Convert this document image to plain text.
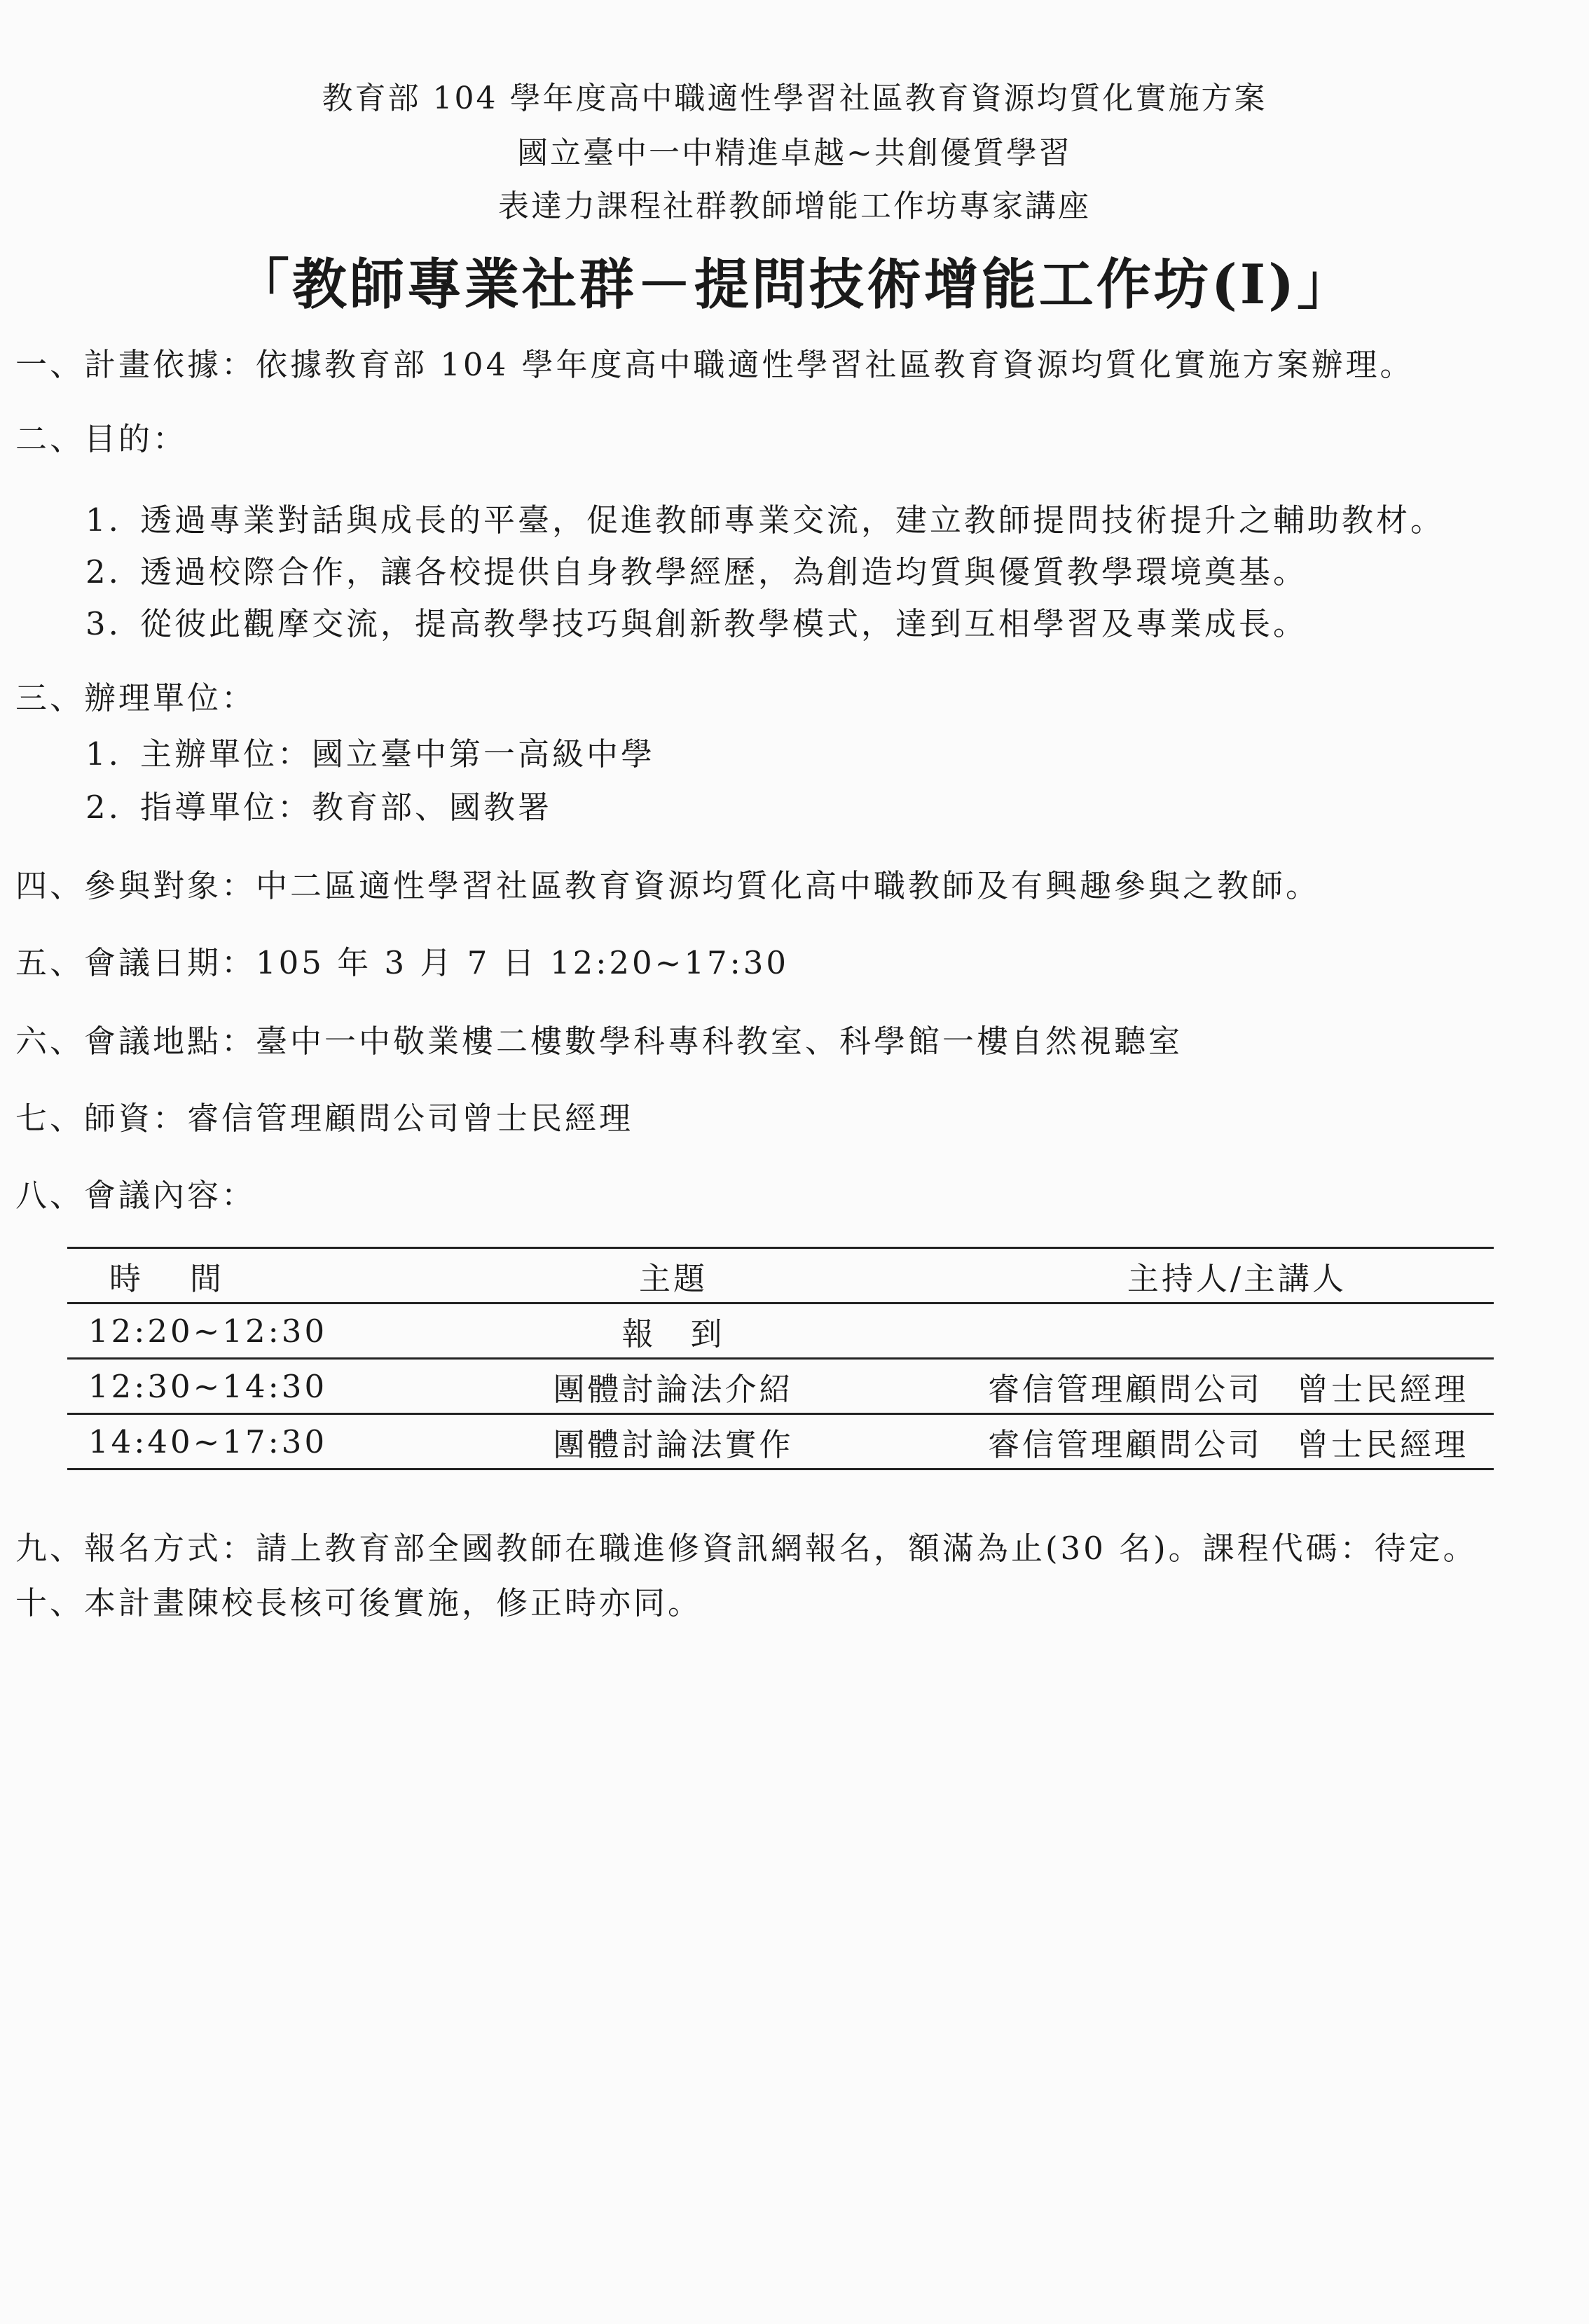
教育部 104 學年度高中職適性學習社區教育資源均質化實施方案
國立臺中一中精進卓越~共創優質學習
表達力課程社群教師增能工作坊專家講座
「教師專業社群－提問技術增能工作坊(I)」
一、計畫依據：依據教育部 104 學年度高中職適性學習社區教育資源均質化實施方案辦理。
二、目的：
1. 透過專業對話與成長的平臺，促進教師專業交流，建立教師提問技術提升之輔助教材。
2. 透過校際合作，讓各校提供自身教學經歷，為創造均質與優質教學環境奠基。
3. 從彼此觀摩交流，提高教學技巧與創新教學模式，達到互相學習及專業成長。
三、辦理單位：
1. 主辦單位：國立臺中第一高級中學
2. 指導單位：教育部、國教署
四、參與對象：中二區適性學習社區教育資源均質化高中職教師及有興趣參與之教師。
五、會議日期：105 年 3 月 7 日 12:20~17:30
六、會議地點：臺中一中敬業樓二樓數學科專科教室、科學館一樓自然視聽室
七、師資：睿信管理顧問公司曾士民經理
八、會議內容：
時間	主題	主持人/主講人
12:20~12:30	報　到	
12:30~14:30	團體討論法介紹	睿信管理顧問公司　曾士民經理
14:40~17:30	團體討論法實作	睿信管理顧問公司　曾士民經理
九、報名方式：請上教育部全國教師在職進修資訊網報名，額滿為止(30 名)。課程代碼：待定。
十、本計畫陳校長核可後實施，修正時亦同。
